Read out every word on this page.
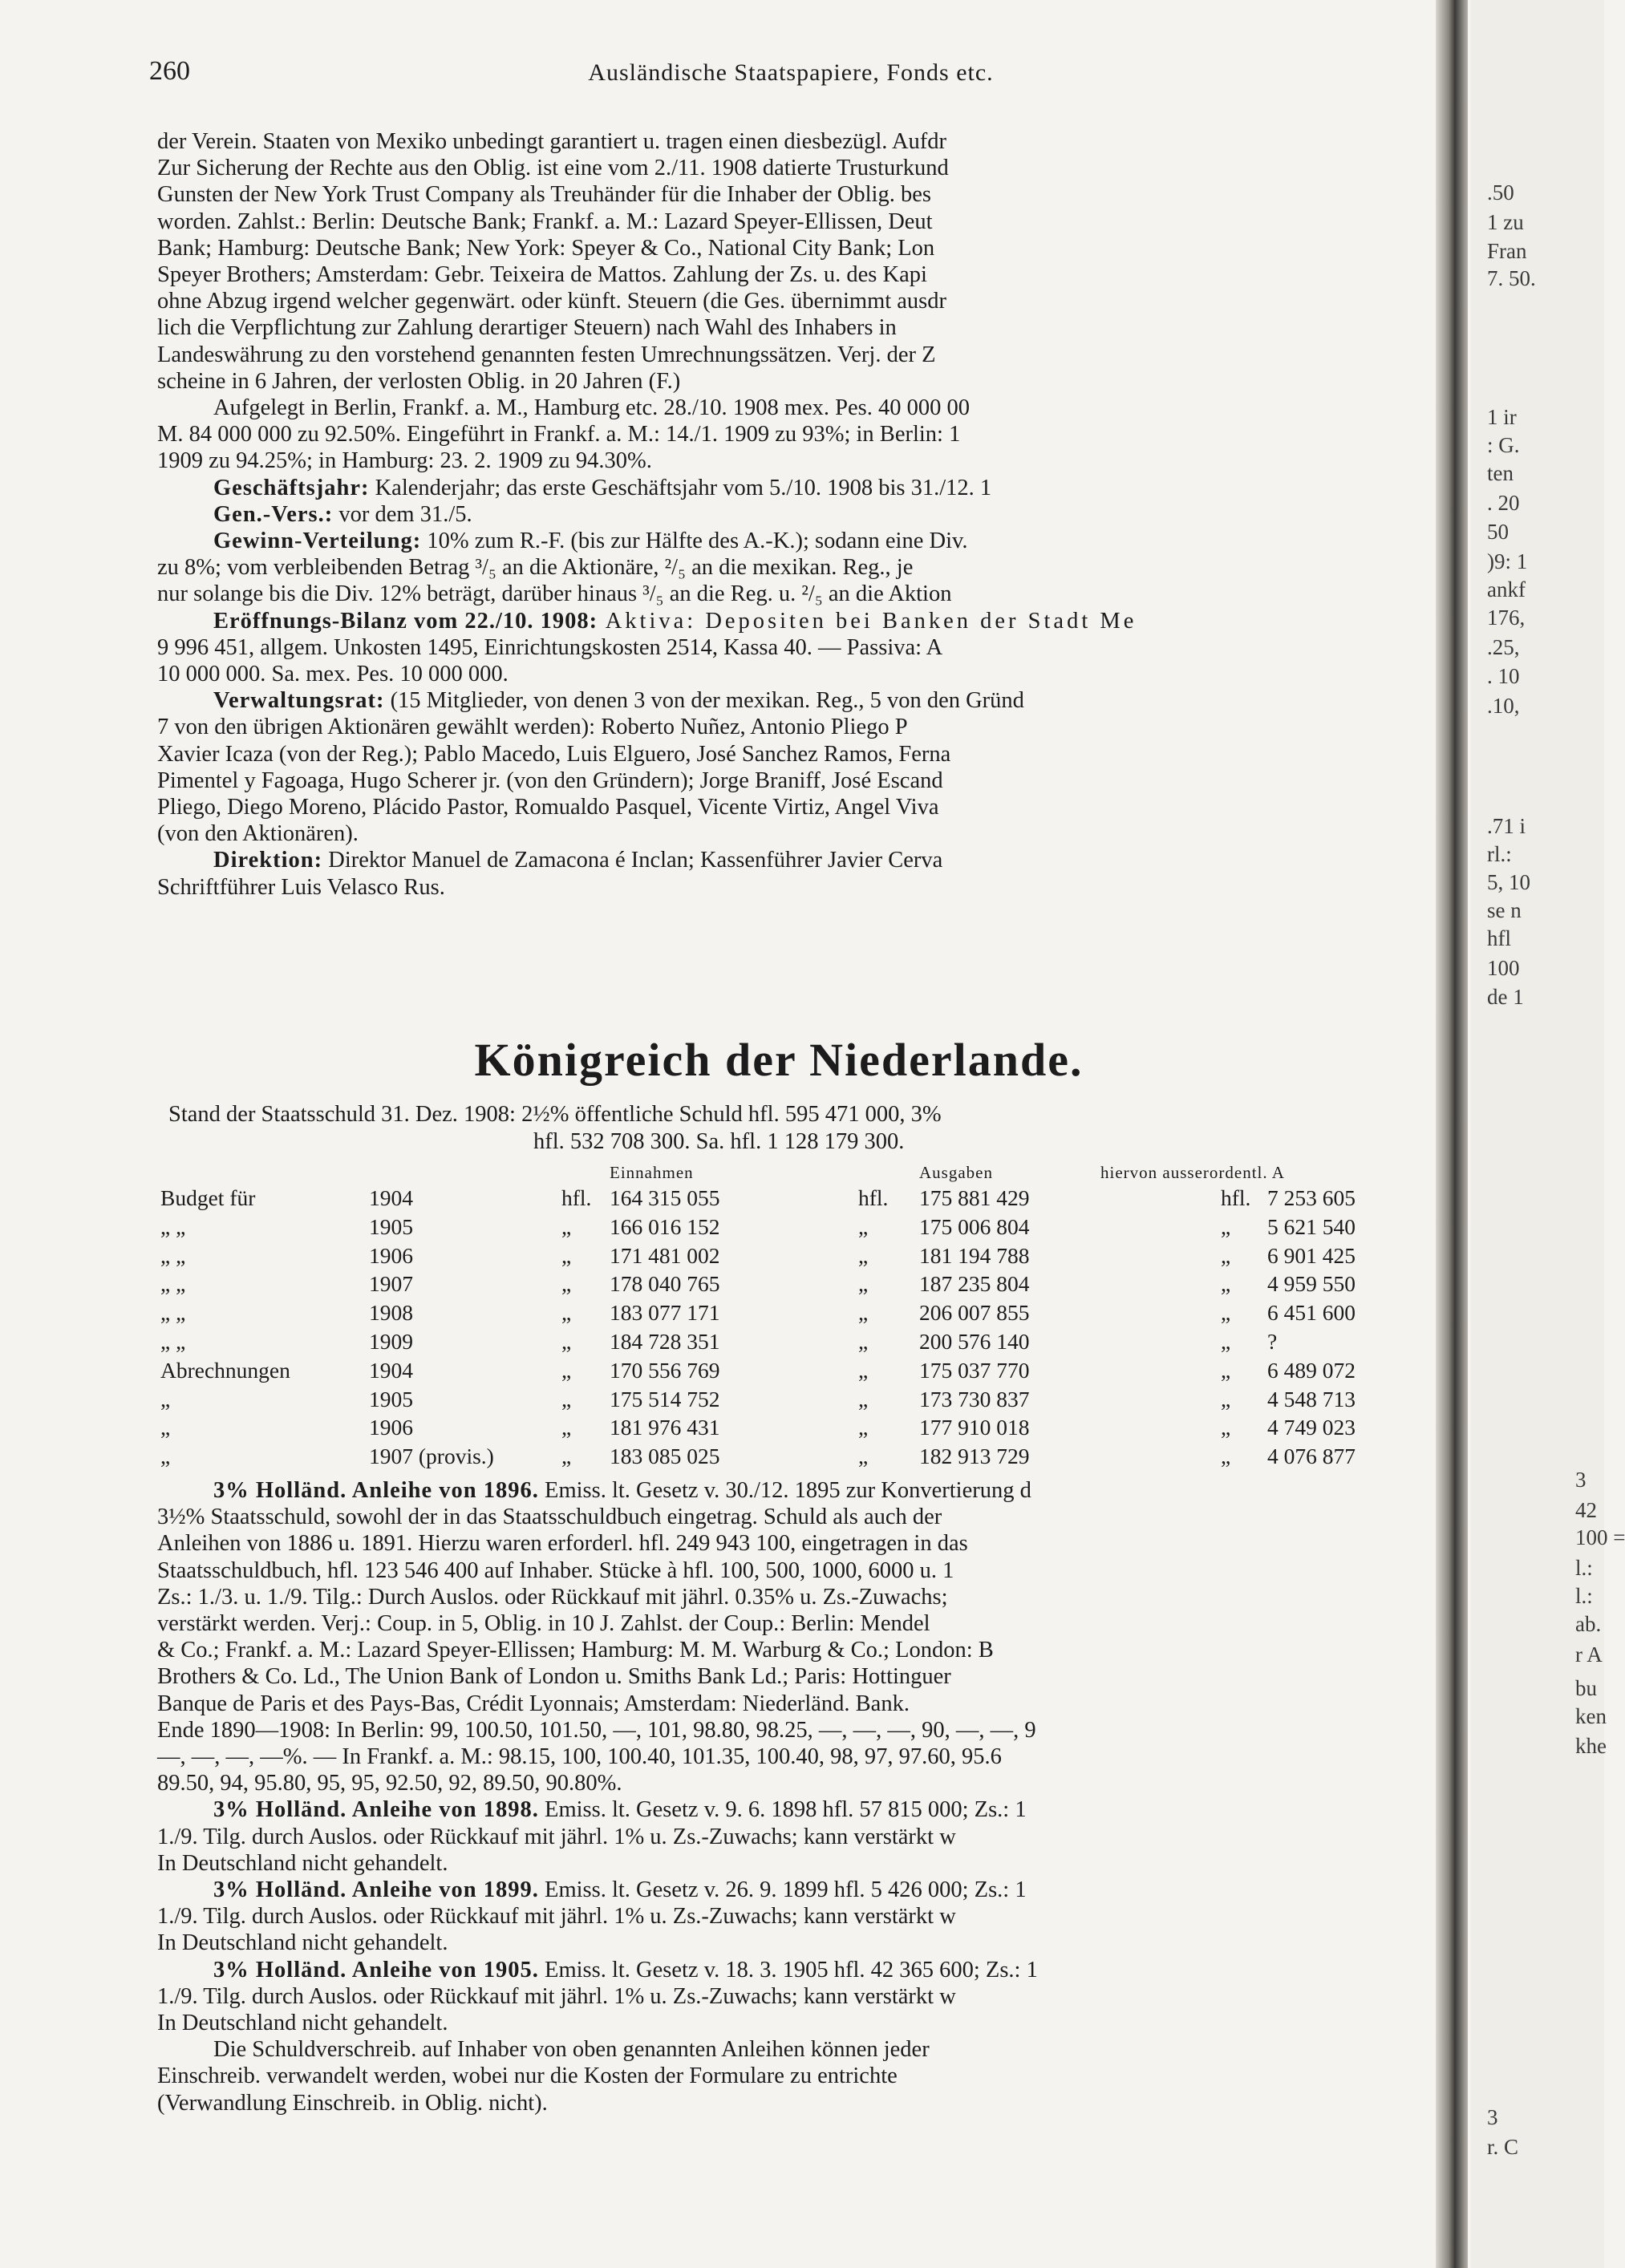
260	Ausländische Staatspapiere, Fonds etc.

der Verein. Staaten von Mexiko unbedingt garantiert u. tragen einen diesbezügl. Aufdr

Zur Sicherung der Rechte aus den Oblig. ist eine vom 2./11. 1908 datierte Trusturkund

Gunsten der New York Trust Company als Treuhänder für die Inhaber der Oblig. bes

worden. Zahlst.: Berlin: Deutsche Bank; Frankf. a. M.: Lazard Speyer-Ellissen, Deut

Bank; Hamburg: Deutsche Bank; New York: Speyer & Co., National City Bank; Lon

Speyer Brothers; Amsterdam: Gebr. Teixeira de Mattos. Zahlung der Zs. u. des Kapi

ohne Abzug irgend welcher gegenwärt. oder künft. Steuern (die Ges. übernimmt ausdr

lich die Verpflichtung zur Zahlung derartiger Steuern) nach Wahl des Inhabers in

Landeswährung zu den vorstehend genannten festen Umrechnungssätzen. Verj. der Z

scheine in 6 Jahren, der verlosten Oblig. in 20 Jahren (F.)

Aufgelegt in Berlin, Frankf. a. M., Hamburg etc. 28./10. 1908 mex. Pes. 40 000 00

M. 84 000 000 zu 92.50%. Eingeführt in Frankf. a. M.: 14./1. 1909 zu 93%; in Berlin: 1

1909 zu 94.25%; in Hamburg: 23. 2. 1909 zu 94.30%.

Geschäftsjahr: Kalenderjahr; das erste Geschäftsjahr vom 5./10. 1908 bis 31./12. 1

Gen.-Vers.: vor dem 31./5.

Gewinn-Verteilung: 10% zum R.-F. (bis zur Hälfte des A.-K.); sodann eine Div.

zu 8%; vom verbleibenden Betrag ³/₅ an die Aktionäre, ²/₅ an die mexikan. Reg., je

nur solange bis die Div. 12% beträgt, darüber hinaus ³/₅ an die Reg. u. ²/₅ an die Aktion

Eröffnungs-Bilanz vom 22./10. 1908: Aktiva: Depositen bei Banken der Stadt Me

9 996 451, allgem. Unkosten 1495, Einrichtungskosten 2514, Kassa 40. — Passiva: A

10 000 000. Sa. mex. Pes. 10 000 000.

Verwaltungsrat: (15 Mitglieder, von denen 3 von der mexikan. Reg., 5 von den Gründ

7 von den übrigen Aktionären gewählt werden): Roberto Nuñez, Antonio Pliego P

Xavier Icaza (von der Reg.); Pablo Macedo, Luis Elguero, José Sanchez Ramos, Ferna

Pimentel y Fagoaga, Hugo Scherer jr. (von den Gründern); Jorge Braniff, José Escand

Pliego, Diego Moreno, Plácido Pastor, Romualdo Pasquel, Vicente Virtiz, Angel Viva

(von den Aktionären).

Direktion: Direktor Manuel de Zamacona é Inclan; Kassenführer Javier Cerva

Schriftführer Luis Velasco Rus.

Königreich der Niederlande.
Stand der Staatsschuld 31. Dez. 1908: 2½% öffentliche Schuld hfl. 595 471 000, 3%
hfl. 532 708 300. Sa. hfl. 1 128 179 300.
Einnahmen	Ausgaben	hiervon ausserordentl. A
Budget für	1904	hfl. 164 315 055	hfl. 175 881 429	hfl. 7 253 605
„ „	1905	„ 166 016 152	„ 175 006 804	„ 5 621 540
„ „	1906	„ 171 481 002	„ 181 194 788	„ 6 901 425
„ „	1907	„ 178 040 765	„ 187 235 804	„ 4 959 550
„ „	1908	„ 183 077 171	„ 206 007 855	„ 6 451 600
„ „	1909	„ 184 728 351	„ 200 576 140	„ ?
Abrechnungen	1904	„ 170 556 769	„ 175 037 770	„ 6 489 072
„	1905	„ 175 514 752	„ 173 730 837	„ 4 548 713
„	1906	„ 181 976 431	„ 177 910 018	„ 4 749 023
„	1907 (provis.)	„ 183 085 025	„ 182 913 729	„ 4 076 877

3% Holländ. Anleihe von 1896. Emiss. lt. Gesetz v. 30./12. 1895 zur Konvertierung d

3½% Staatsschuld, sowohl der in das Staatsschuldbuch eingetrag. Schuld als auch der

Anleihen von 1886 u. 1891. Hierzu waren erforderl. hfl. 249 943 100, eingetragen in das

Staatsschuldbuch, hfl. 123 546 400 auf Inhaber. Stücke à hfl. 100, 500, 1000, 6000 u. 1

Zs.: 1./3. u. 1./9. Tilg.: Durch Auslos. oder Rückkauf mit jährl. 0.35% u. Zs.-Zuwachs;

verstärkt werden. Verj.: Coup. in 5, Oblig. in 10 J. Zahlst. der Coup.: Berlin: Mendel

& Co.; Frankf. a. M.: Lazard Speyer-Ellissen; Hamburg: M. M. Warburg & Co.; London: B

Brothers & Co. Ld., The Union Bank of London u. Smiths Bank Ld.; Paris: Hottinguer

Banque de Paris et des Pays-Bas, Crédit Lyonnais; Amsterdam: Niederländ. Bank.

Ende 1890—1908: In Berlin: 99, 100.50, 101.50, —, 101, 98.80, 98.25, —, —, —, 90, —, —, 9

—, —, —, —%. — In Frankf. a. M.: 98.15, 100, 100.40, 101.35, 100.40, 98, 97, 97.60, 95.6

89.50, 94, 95.80, 95, 95, 92.50, 92, 89.50, 90.80%.

3% Holländ. Anleihe von 1898. Emiss. lt. Gesetz v. 9. 6. 1898 hfl. 57 815 000; Zs.: 1

1./9. Tilg. durch Auslos. oder Rückkauf mit jährl. 1% u. Zs.-Zuwachs; kann verstärkt w

In Deutschland nicht gehandelt.

3% Holländ. Anleihe von 1899. Emiss. lt. Gesetz v. 26. 9. 1899 hfl. 5 426 000; Zs.: 1

1./9. Tilg. durch Auslos. oder Rückkauf mit jährl. 1% u. Zs.-Zuwachs; kann verstärkt w

In Deutschland nicht gehandelt.

3% Holländ. Anleihe von 1905. Emiss. lt. Gesetz v. 18. 3. 1905 hfl. 42 365 600; Zs.: 1

1./9. Tilg. durch Auslos. oder Rückkauf mit jährl. 1% u. Zs.-Zuwachs; kann verstärkt w

In Deutschland nicht gehandelt.

Die Schuldverschreib. auf Inhaber von oben genannten Anleihen können jeder

Einschreib. verwandelt werden, wobei nur die Kosten der Formulare zu entrichte

(Verwandlung Einschreib. in Oblig. nicht).

.50
1 zu
Fran
7. 50.
1 ir
: G.
ten
. 20
50
)9: 1
ankf
176,
.25,
. 10
.10,
.71 i
rl.:
5, 10
se n
hfl
100
de 1
3
42
100 =
l.:
l.:
ab.
r A
bu
ken
khe
3
r. C
